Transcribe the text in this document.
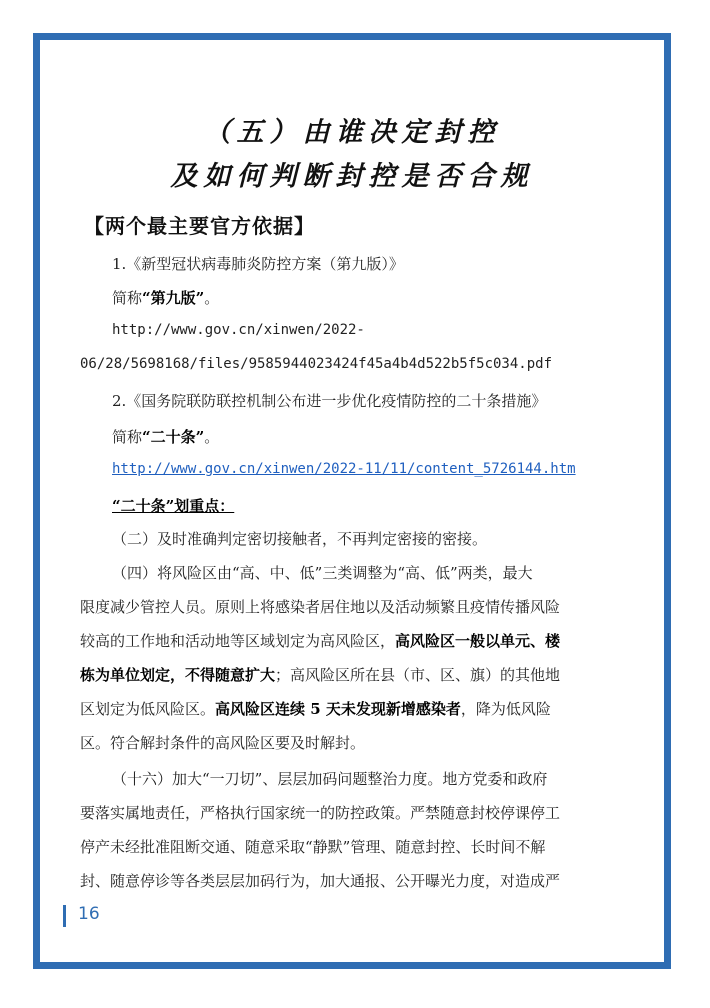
（五）由谁决定封控
及如何判断封控是否合规
【两个最主要官方依据】
1.《新型冠状病毒肺炎防控方案（第九版）》
简称“第九版”。
http://www.gov.cn/xinwen/2022-
06/28/5698168/files/9585944023424f45a4b4d522b5f5c034.pdf
2.《国务院联防联控机制公布进一步优化疫情防控的二十条措施》
简称“二十条”。
http://www.gov.cn/xinwen/2022-11/11/content_5726144.htm
“二十条”划重点：
（二）及时准确判定密切接触者，不再判定密接的密接。
（四）将风险区由“高、中、低”三类调整为“高、低”两类，最大
限度减少管控人员。原则上将感染者居住地以及活动频繁且疫情传播风险
较高的工作地和活动地等区域划定为高风险区，高风险区一般以单元、楼
栋为单位划定，不得随意扩大；高风险区所在县（市、区、旗）的其他地
区划定为低风险区。高风险区连续 5 天未发现新增感染者，降为低风险
区。符合解封条件的高风险区要及时解封。
（十六）加大“一刀切”、层层加码问题整治力度。地方党委和政府
要落实属地责任，严格执行国家统一的防控政策。严禁随意封校停课停工
停产未经批准阻断交通、随意采取“静默”管理、随意封控、长时间不解
封、随意停诊等各类层层加码行为，加大通报、公开曝光力度，对造成严
16
